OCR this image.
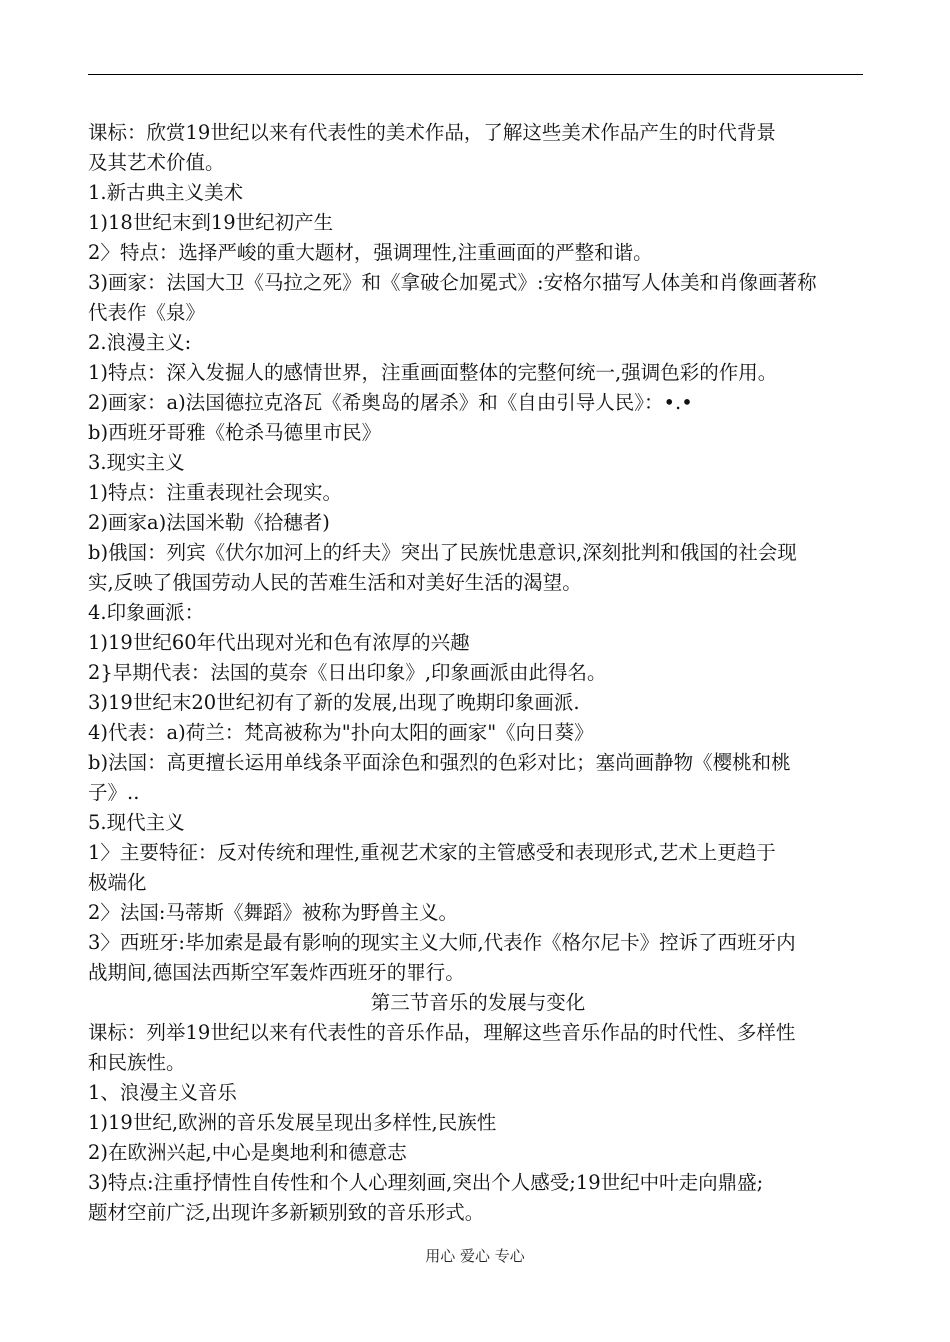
课标：欣赏19世纪以来有代表性的美术作品，了解这些美术作品产生的时代背景
及其艺术价值。
1.新古典主义美术
1)18世纪末到19世纪初产生
2〉特点：选择严峻的重大题材，强调理性,注重画面的严整和谐。
3)画家：法国大卫《马拉之死》和《拿破仑加冕式》:安格尔描写人体美和肖像画著称
代表作《泉》
2.浪漫主义:
1)特点：深入发掘人的感情世界，注重画面整体的完整何统一,强调色彩的作用。
2)画家：a)法国德拉克洛瓦《希奥岛的屠杀》和《自由引导人民》：•.•
b)西班牙哥雅《枪杀马德里市民》
3.现实主义
1)特点：注重表现社会现实。
2)画家a)法国米勒《拾穗者)
b)俄国：列宾《伏尔加河上的纤夫》突出了民族忧患意识,深刻批判和俄国的社会现
实,反映了俄国劳动人民的苦难生活和对美好生活的渴望。
4.印象画派：
1)19世纪60年代出现对光和色有浓厚的兴趣
2}早期代表：法国的莫奈《日出印象》,印象画派由此得名。
3)19世纪末20世纪初有了新的发展,出现了晚期印象画派.
4)代表：a)荷兰：梵高被称为"扑向太阳的画家"《向日葵》
b)法国：高更擅长运用单线条平面涂色和强烈的色彩对比；塞尚画静物《樱桃和桃
子》..
5.现代主义
1〉主要特征：反对传统和理性,重视艺术家的主管感受和表现形式,艺术上更趋于
极端化
2〉法国:马蒂斯《舞蹈》被称为野兽主义。
3〉西班牙:毕加索是最有影响的现实主义大师,代表作《格尔尼卡》控诉了西班牙内
战期间,德国法西斯空军轰炸西班牙的罪行。
第三节音乐的发展与变化
课标：列举19世纪以来有代表性的音乐作品，理解这些音乐作品的时代性、多样性
和民族性。
1、浪漫主义音乐
1)19世纪,欧洲的音乐发展呈现出多样性,民族性
2)在欧洲兴起,中心是奥地利和德意志
3)特点:注重抒情性自传性和个人心理刻画,突出个人感受;19世纪中叶走向鼎盛;
题材空前广泛,出现许多新颖别致的音乐形式。
用心 爱心 专心
